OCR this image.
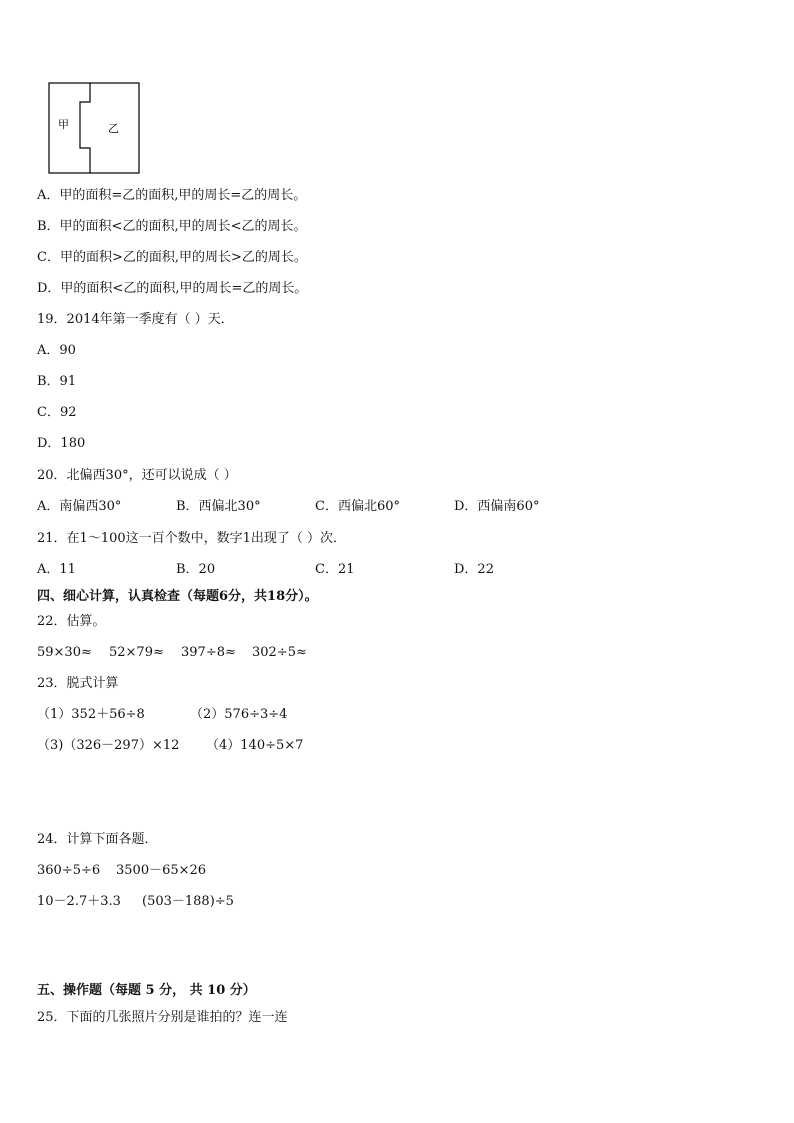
甲	乙
A．甲的面积=乙的面积,甲的周长=乙的周长。
B．甲的面积<乙的面积,甲的周长<乙的周长。
C．甲的面积>乙的面积,甲的周长>乙的周长。
D．甲的面积<乙的面积,甲的周长=乙的周长。
19．2014年第一季度有（ ）天．
A．90
B．91
C．92
D．180
20．北偏西30°，还可以说成（ ）
A．南偏西30°	B．西偏北30°	C．西偏北60°	D．西偏南60°
21．在1～100这一百个数中，数字1出现了（ ）次．
A．11	B．20	C．21	D．22
四、细心计算，认真检查（每题6分，共18分）。
22．估算。
59×30≈ 52×79≈ 397÷8≈ 302÷5≈
23．脱式计算
（1）352＋56÷8	（2）576÷3÷4
（3)（326－297）×12 （4）140÷5×7
24．计算下面各题．
360÷5÷6 3500－65×26
10－2.7＋3.3 (503－188)÷5
五、操作题（每题 5 分， 共 10 分）
25．下面的几张照片分别是谁拍的？连一连
